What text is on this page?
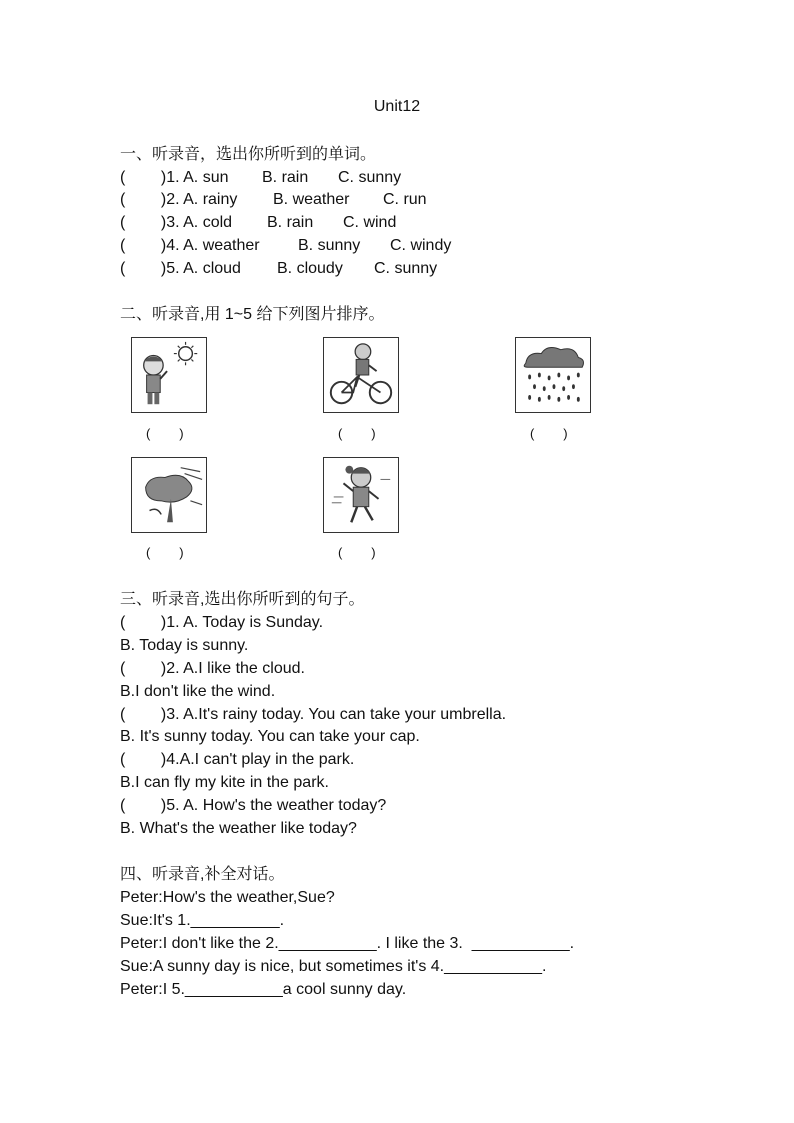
Unit12
一、听录音，选出你所听到的单词。
(        )1. A. sun B. rain C. sunny
(        )2. A. rainy B. weather C. run
(        )3. A. cold B. rain C. wind
(        )4. A. weather B. sunny C. windy
(        )5. A. cloud B. cloudy C. sunny
二、听录音,用 1~5 给下列图片排序。
(        )	(        )	(        )
(        )	(        )
三、听录音,选出你所听到的句子。
(        )1. A. Today is Sunday.
B. Today is sunny.
(        )2. A.I like the cloud.
B.I don't like the wind.
(        )3. A.It's rainy today. You can take your umbrella.
B. It's sunny today. You can take your cap.
(        )4.A.I can't play in the park.
B.I can fly my kite in the park.
(        )5. A. How's the weather today?
B. What's the weather like today?
四、听录音,补全对话。
Peter:How's the weather,Sue?
Sue:It's 1.__________.
Peter:I don't like the 2.___________. I like the 3.  ___________.
Sue:A sunny day is nice, but sometimes it's 4.___________.
Peter:I 5.___________a cool sunny day.
